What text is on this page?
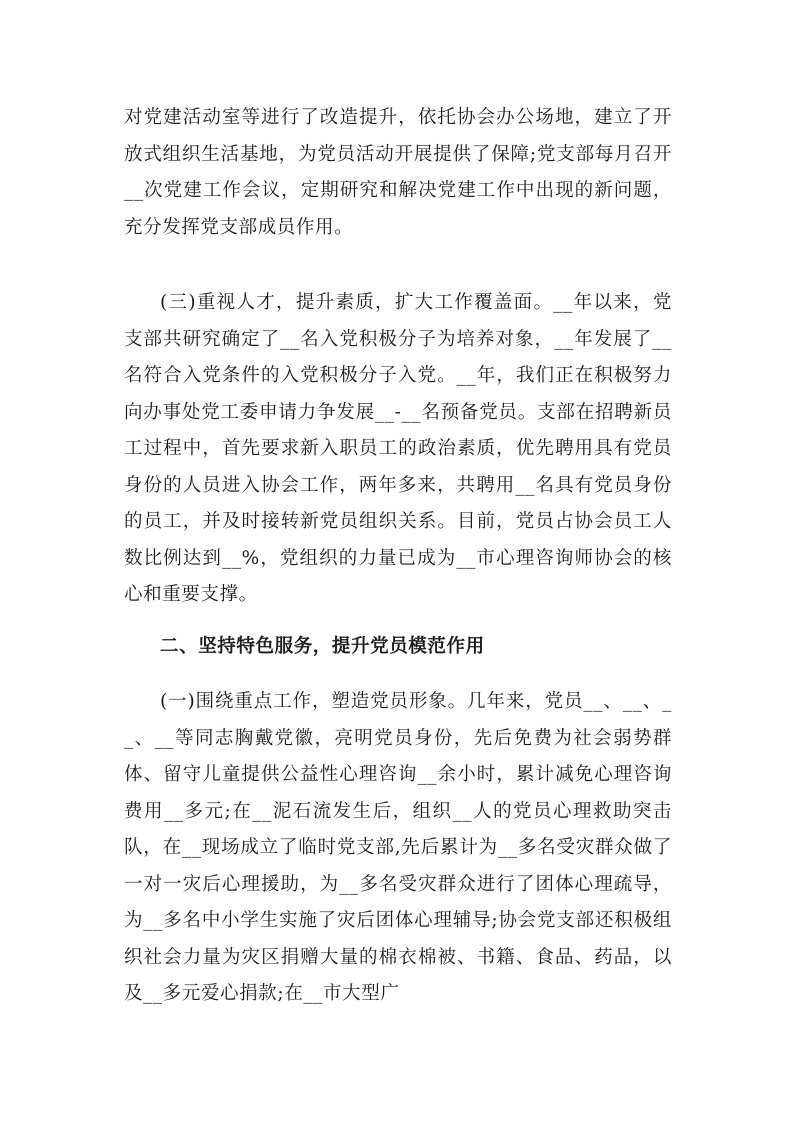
对党建活动室等进行了改造提升，依托协会办公场地，建立了开放式组织生活基地，为党员活动开展提供了保障;党支部每月召开__次党建工作会议，定期研究和解决党建工作中出现的新问题，充分发挥党支部成员作用。

(三)重视人才，提升素质，扩大工作覆盖面。__年以来，党支部共研究确定了__名入党积极分子为培养对象，__年发展了__名符合入党条件的入党积极分子入党。__年，我们正在积极努力向办事处党工委申请力争发展__-__名预备党员。支部在招聘新员工过程中，首先要求新入职员工的政治素质，优先聘用具有党员身份的人员进入协会工作，两年多来，共聘用__名具有党员身份的员工，并及时接转新党员组织关系。目前，党员占协会员工人数比例达到__%，党组织的力量已成为__市心理咨询师协会的核心和重要支撑。

二、坚持特色服务，提升党员模范作用

(一)围绕重点工作，塑造党员形象。几年来，党员__、__、__、__等同志胸戴党徽，亮明党员身份，先后免费为社会弱势群体、留守儿童提供公益性心理咨询__余小时，累计减免心理咨询费用__多元;在__泥石流发生后，组织__人的党员心理救助突击队，在__现场成立了临时党支部,先后累计为__多名受灾群众做了一对一灾后心理援助，为__多名受灾群众进行了团体心理疏导，为__多名中小学生实施了灾后团体心理辅导;协会党支部还积极组织社会力量为灾区捐赠大量的棉衣棉被、书籍、食品、药品，以及__多元爱心捐款;在__市大型广
